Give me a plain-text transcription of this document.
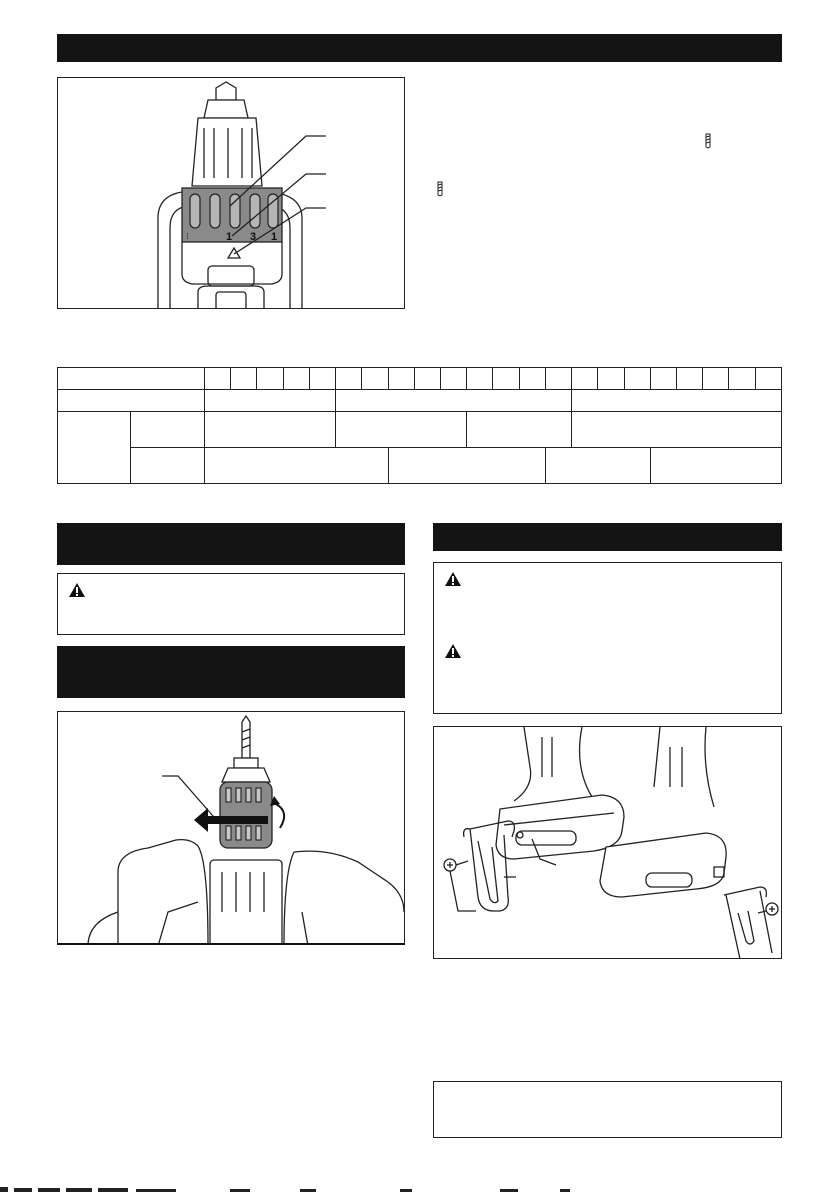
⁝	1 3 1
